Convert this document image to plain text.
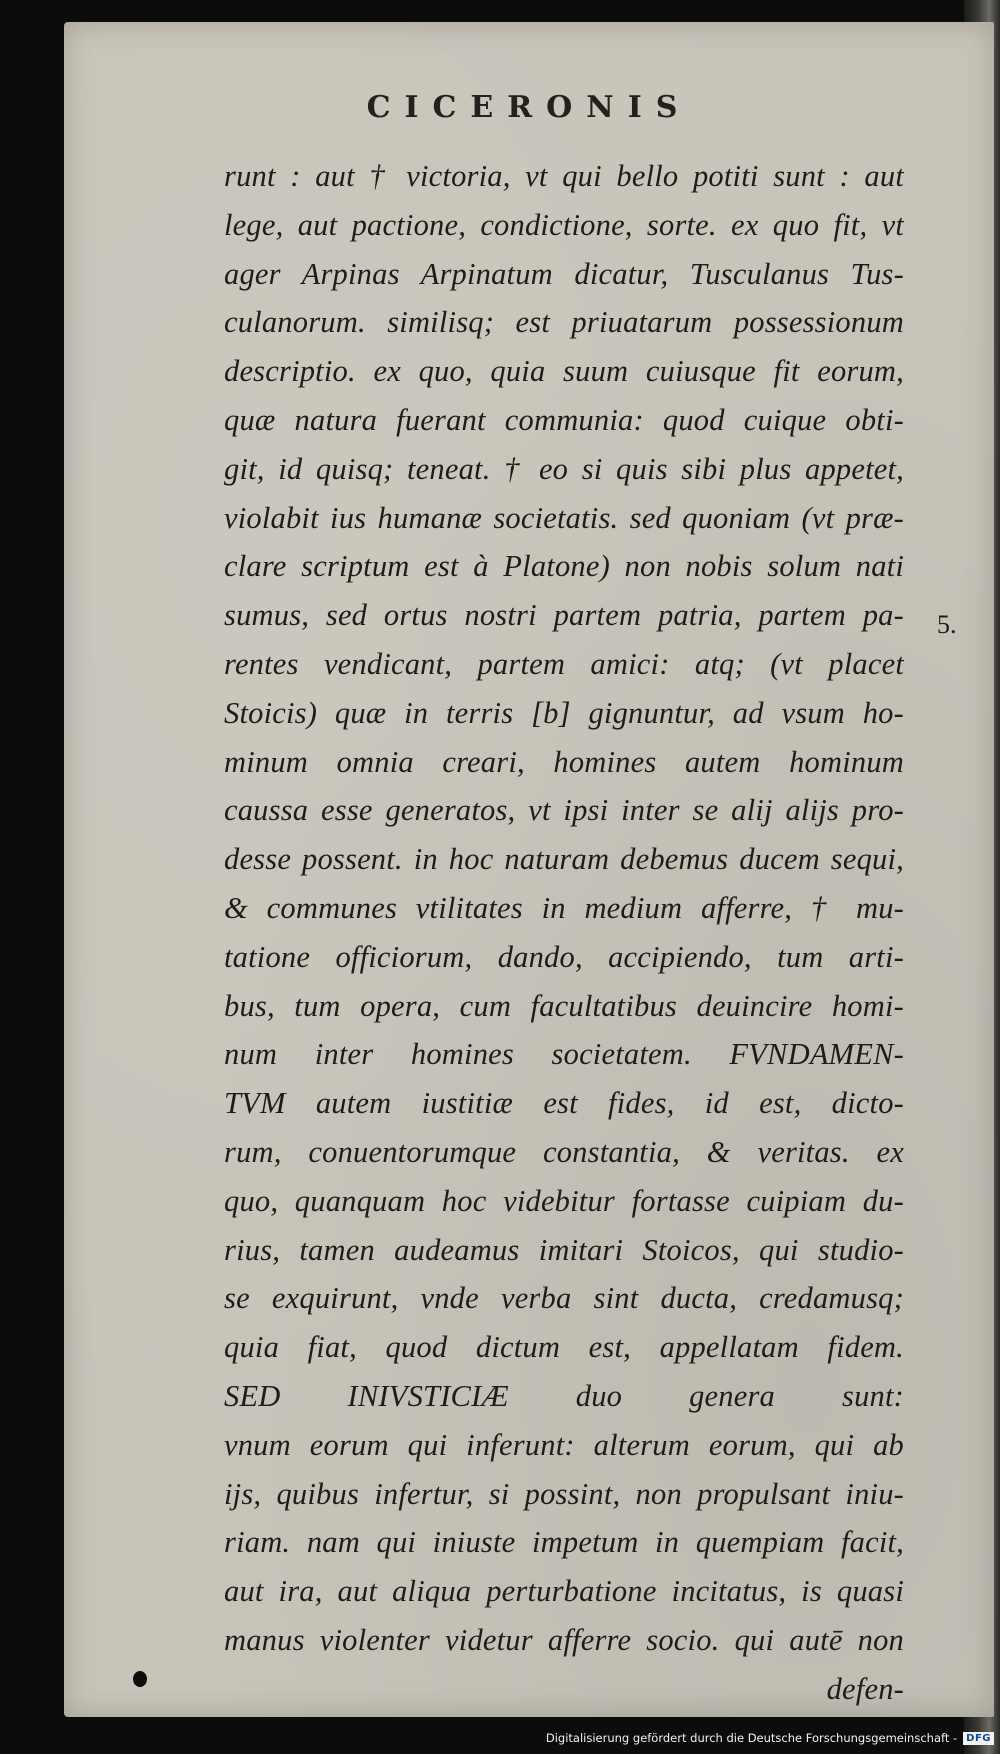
CICERONIS
runt : aut † victoria, vt qui bello potiti sunt : aut
lege, aut pactione, condictione, sorte. ex quo fit, vt
ager Arpinas Arpinatum dicatur, Tusculanus Tus-
culanorum. similisq; est priuatarum possessionum
descriptio. ex quo, quia suum cuiusque fit eorum,
quæ natura fuerant communia: quod cuique obti-
git, id quisq; teneat. † eo si quis sibi plus appetet,
violabit ius humanæ societatis. sed quoniam (vt præ-
clare scriptum est à Platone) non nobis solum nati
sumus, sed ortus nostri partem patria, partem pa-
rentes vendicant, partem amici: atq; (vt placet
Stoicis) quæ in terris [b] gignuntur, ad vsum ho-
minum omnia creari, homines autem hominum
caussa esse generatos, vt ipsi inter se alij alijs pro-
desse possent. in hoc naturam debemus ducem sequi,
& communes vtilitates in medium afferre, † mu-
tatione officiorum, dando, accipiendo, tum arti-
bus, tum opera, cum facultatibus deuincire homi-
num inter homines societatem. FVNDAMEN-
TVM autem iustitiæ est fides, id est, dicto-
rum, conuentorumque constantia, & veritas. ex
quo, quanquam hoc videbitur fortasse cuipiam du-
rius, tamen audeamus imitari Stoicos, qui studio-
se exquirunt, vnde verba sint ducta, credamusq;
quia fiat, quod dictum est, appellatam fidem.
SED INIVSTICIÆ duo genera sunt:
vnum eorum qui inferunt: alterum eorum, qui ab
ijs, quibus infertur, si possint, non propulsant iniu-
riam. nam qui iniuste impetum in quempiam facit,
aut ira, aut aliqua perturbatione incitatus, is quasi
manus violenter videtur afferre socio. qui autē non
defen-
5.
Digitalisierung gefördert durch die Deutsche Forschungsgemeinschaft - DFG
